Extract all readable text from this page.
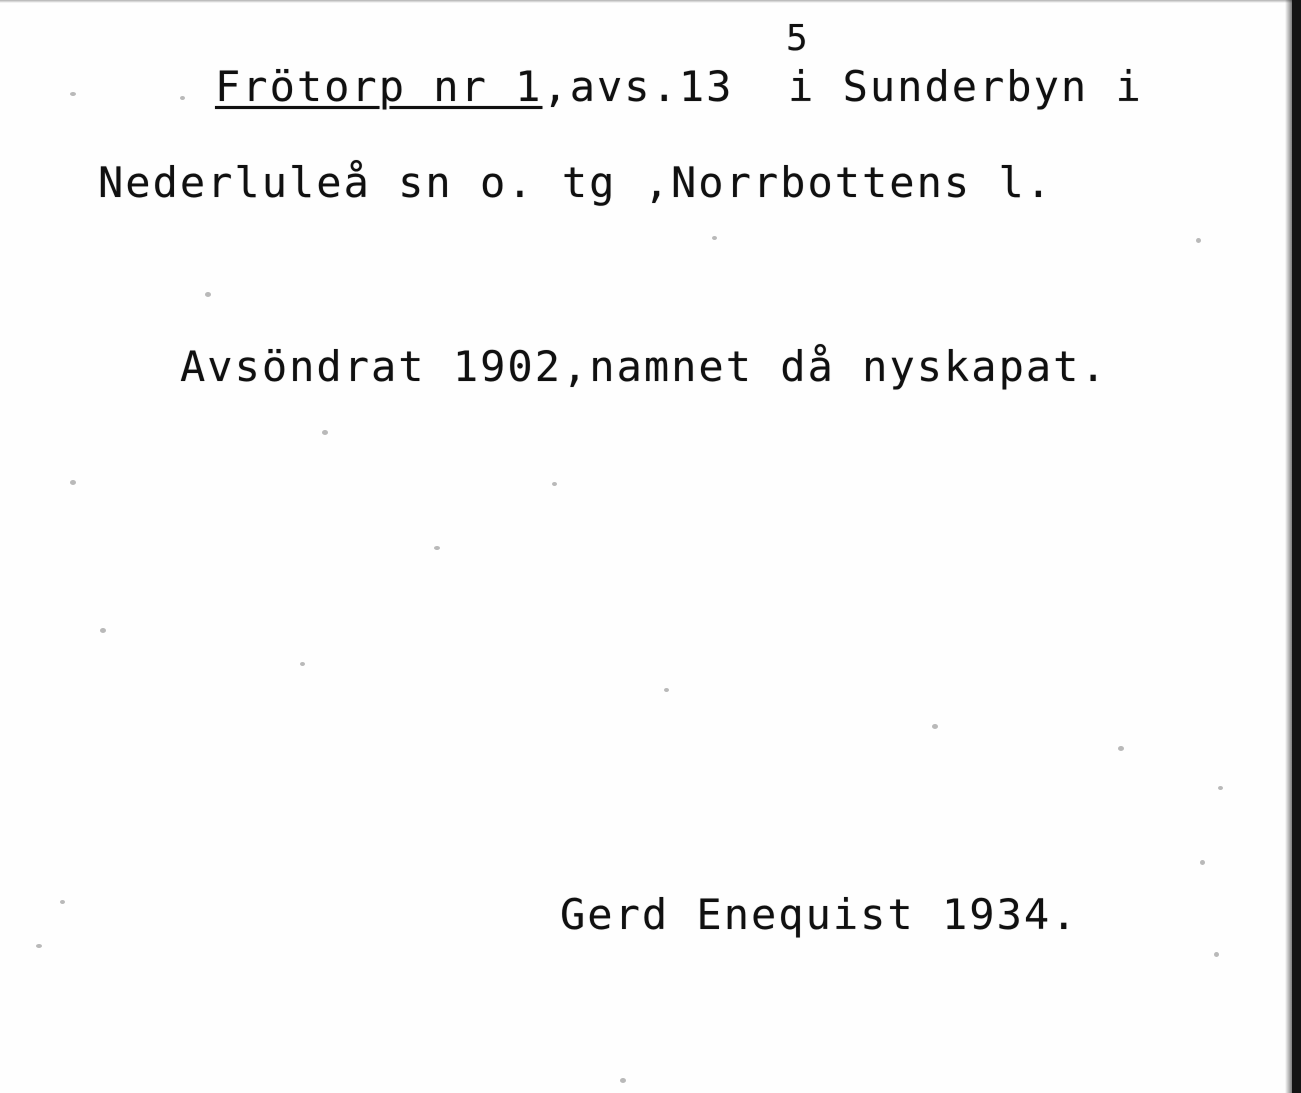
5
Frötorp nr 1,avs.13  i Sunderbyn i
Nederluleå sn o. tg ,Norrbottens l.
Avsöndrat 1902,namnet då nyskapat.
Gerd Enequist 1934.
